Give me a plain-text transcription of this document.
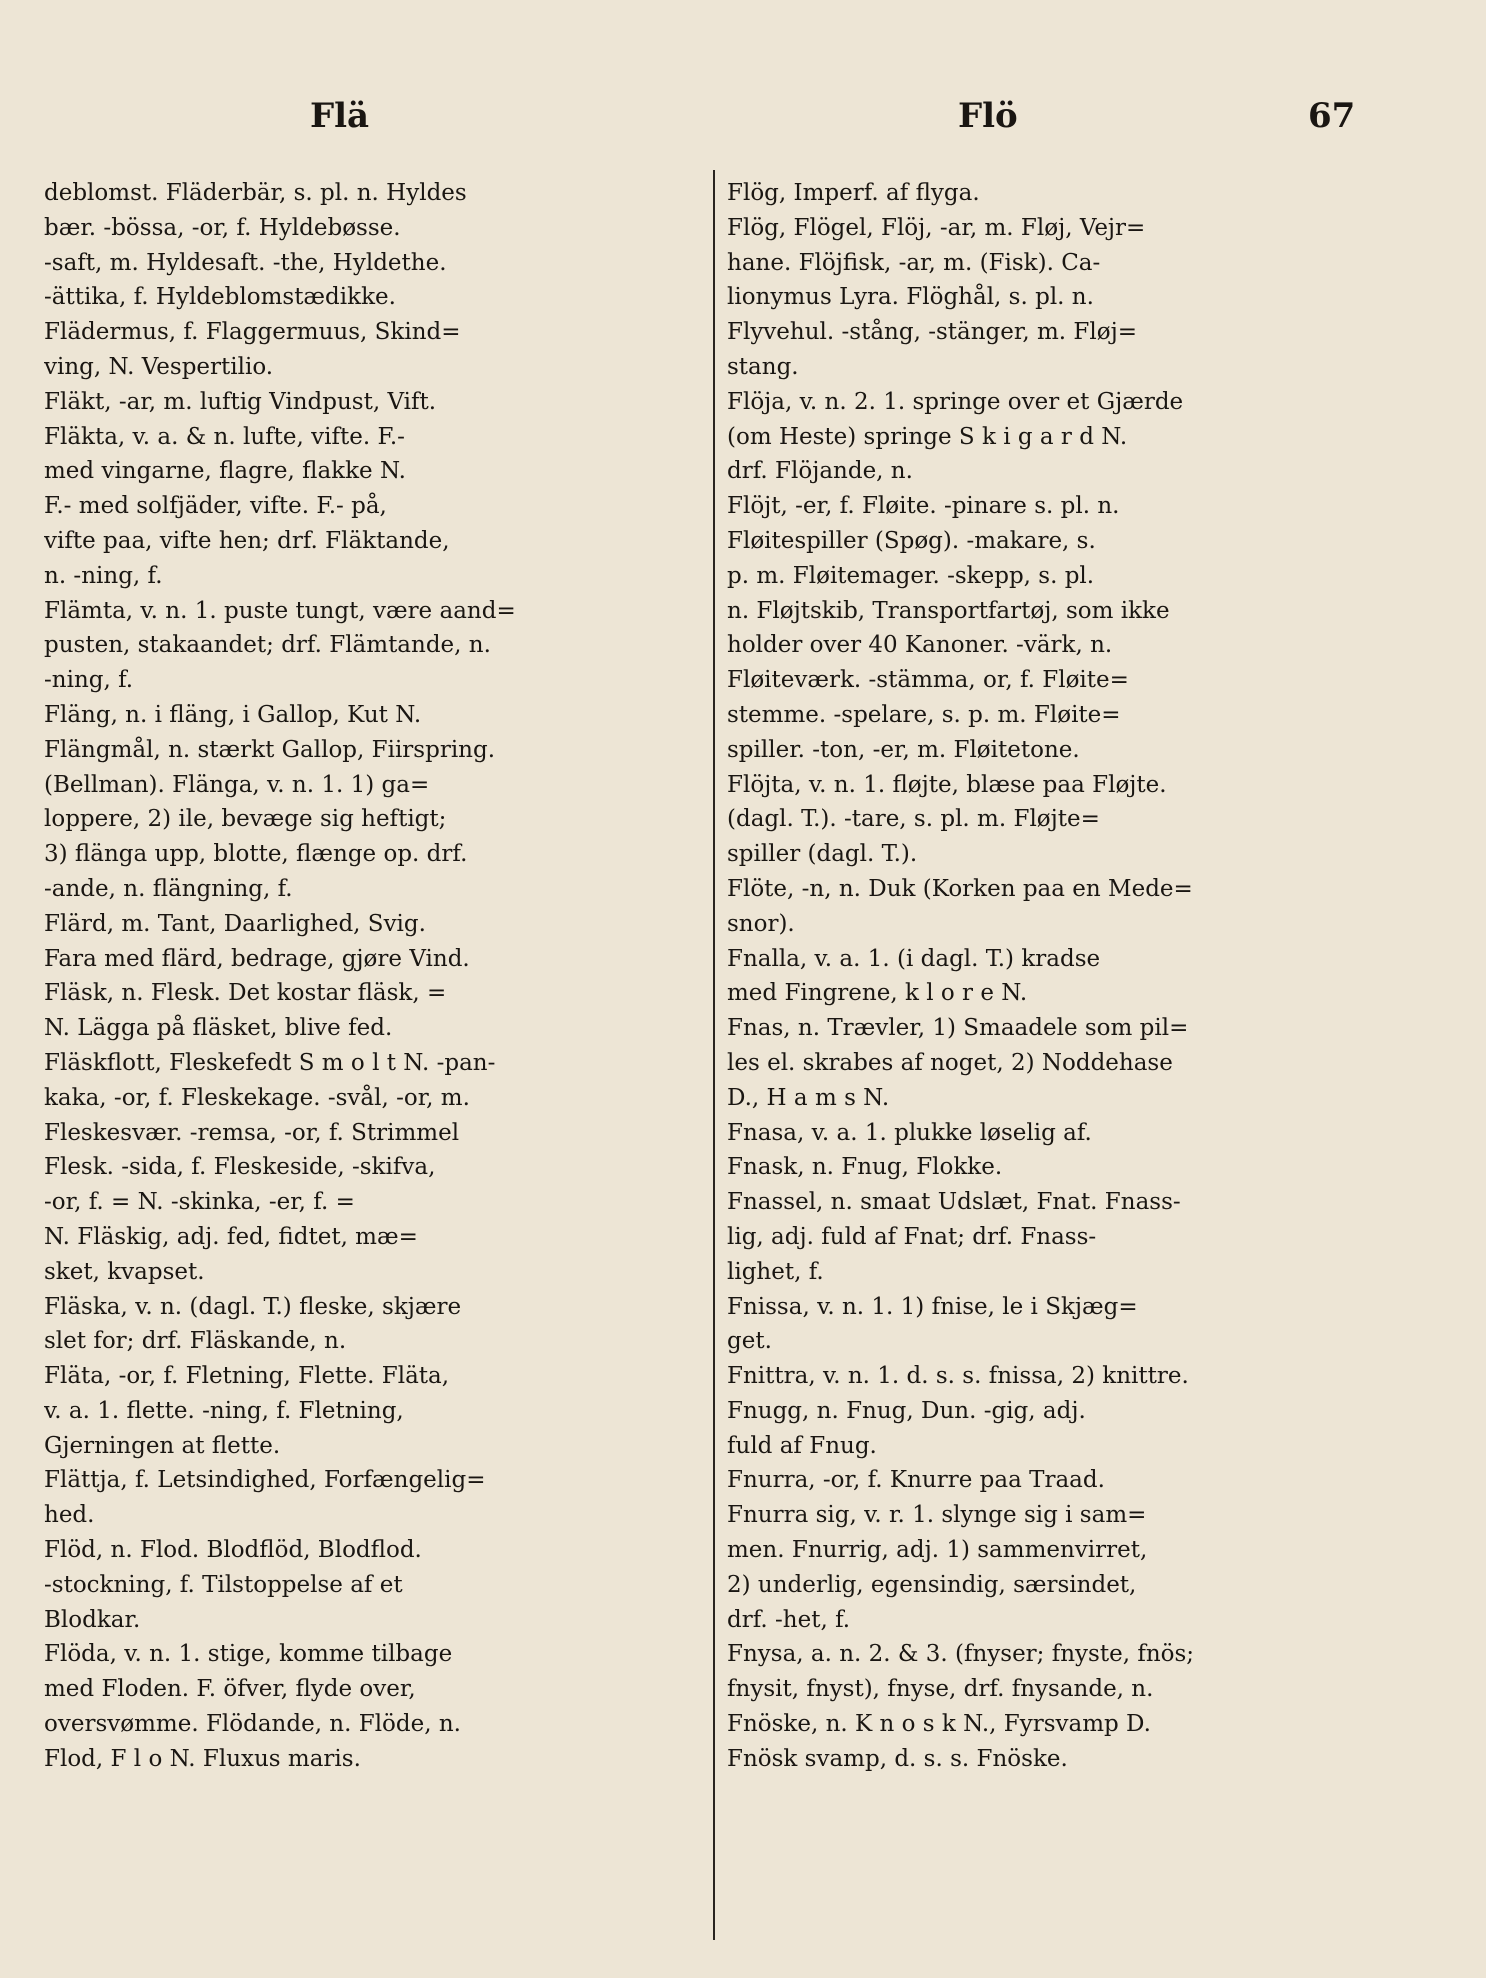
Flä	Flö	67
deblomst. Fläderbär, s. pl. n. Hyldes
bær. -bössa, -or, f. Hyldebøsse.
-saft, m. Hyldesaft. -the, Hyldethe.
-ättika, f. Hyldeblomstædikke.
Flädermus, f. Flaggermuus, Skind=
ving, N. Vespertilio.
Fläkt, -ar, m. luftig Vindpust, Vift.
Fläkta, v. a. & n. lufte, vifte. F.-
med vingarne, flagre, flakke N.
F.- med solfjäder, vifte. F.- på,
vifte paa, vifte hen; drf. Fläktande,
n. -ning, f.
Flämta, v. n. 1. puste tungt, være aand=
pusten, stakaandet; drf. Flämtande, n.
-ning, f.
Fläng, n. i fläng, i Gallop, Kut N.
Flängmål, n. stærkt Gallop, Fiirspring.
(Bellman). Flänga, v. n. 1. 1) ga=
loppere, 2) ile, bevæge sig heftigt;
3) flänga upp, blotte, flænge op. drf.
-ande, n. flängning, f.
Flärd, m. Tant, Daarlighed, Svig.
Fara med flärd, bedrage, gjøre Vind.
Fläsk, n. Flesk. Det kostar fläsk, =
N. Lägga på fläsket, blive fed.
Fläskflott, Fleskefedt S m o l t N. -pan-
kaka, -or, f. Fleskekage. -svål, -or, m.
Fleskesvær. -remsa, -or, f. Strimmel
Flesk. -sida, f. Fleskeside, -skifva,
-or, f. = N. -skinka, -er, f. =
N. Fläskig, adj. fed, fidtet, mæ=
sket, kvapset.
Fläska, v. n. (dagl. T.) fleske, skjære
slet for; drf. Fläskande, n.
Fläta, -or, f. Fletning, Flette. Fläta,
v. a. 1. flette. -ning, f. Fletning,
Gjerningen at flette.
Flättja, f. Letsindighed, Forfængelig=
hed.
Flöd, n. Flod. Blodflöd, Blodflod.
-stockning, f. Tilstoppelse af et
Blodkar.
Flöda, v. n. 1. stige, komme tilbage
med Floden. F. öfver, flyde over,
oversvømme. Flödande, n. Flöde, n.
Flod, F l o N. Fluxus maris.
Flög, Imperf. af flyga.
Flög, Flögel, Flöj, -ar, m. Fløj, Vejr=
hane. Flöjfisk, -ar, m. (Fisk). Ca-
lionymus Lyra. Flöghål, s. pl. n.
Flyvehul. -stång, -stänger, m. Fløj=
stang.
Flöja, v. n. 2. 1. springe over et Gjærde
(om Heste) springe S k i g a r d N.
drf. Flöjande, n.
Flöjt, -er, f. Fløite. -pinare s. pl. n.
Fløitespiller (Spøg). -makare, s.
p. m. Fløitemager. -skepp, s. pl.
n. Fløjtskib, Transportfartøj, som ikke
holder over 40 Kanoner. -värk, n.
Fløiteværk. -stämma, or, f. Fløite=
stemme. -spelare, s. p. m. Fløite=
spiller. -ton, -er, m. Fløitetone.
Flöjta, v. n. 1. fløjte, blæse paa Fløjte.
(dagl. T.). -tare, s. pl. m. Fløjte=
spiller (dagl. T.).
Flöte, -n, n. Duk (Korken paa en Mede=
snor).
Fnalla, v. a. 1. (i dagl. T.) kradse
med Fingrene, k l o r e N.
Fnas, n. Trævler, 1) Smaadele som pil=
les el. skrabes af noget, 2) Noddehase
D., H a m s N.
Fnasa, v. a. 1. plukke løselig af.
Fnask, n. Fnug, Flokke.
Fnassel, n. smaat Udslæt, Fnat. Fnass-
lig, adj. fuld af Fnat; drf. Fnass-
lighet, f.
Fnissa, v. n. 1. 1) fnise, le i Skjæg=
get.
Fnittra, v. n. 1. d. s. s. fnissa, 2) knittre.
Fnugg, n. Fnug, Dun. -gig, adj.
fuld af Fnug.
Fnurra, -or, f. Knurre paa Traad.
Fnurra sig, v. r. 1. slynge sig i sam=
men. Fnurrig, adj. 1) sammenvirret,
2) underlig, egensindig, særsindet,
drf. -het, f.
Fnysa, a. n. 2. & 3. (fnyser; fnyste, fnös;
fnysit, fnyst), fnyse, drf. fnysande, n.
Fnöske, n. K n o s k N., Fyrsvamp D.
Fnösk svamp, d. s. s. Fnöske.
